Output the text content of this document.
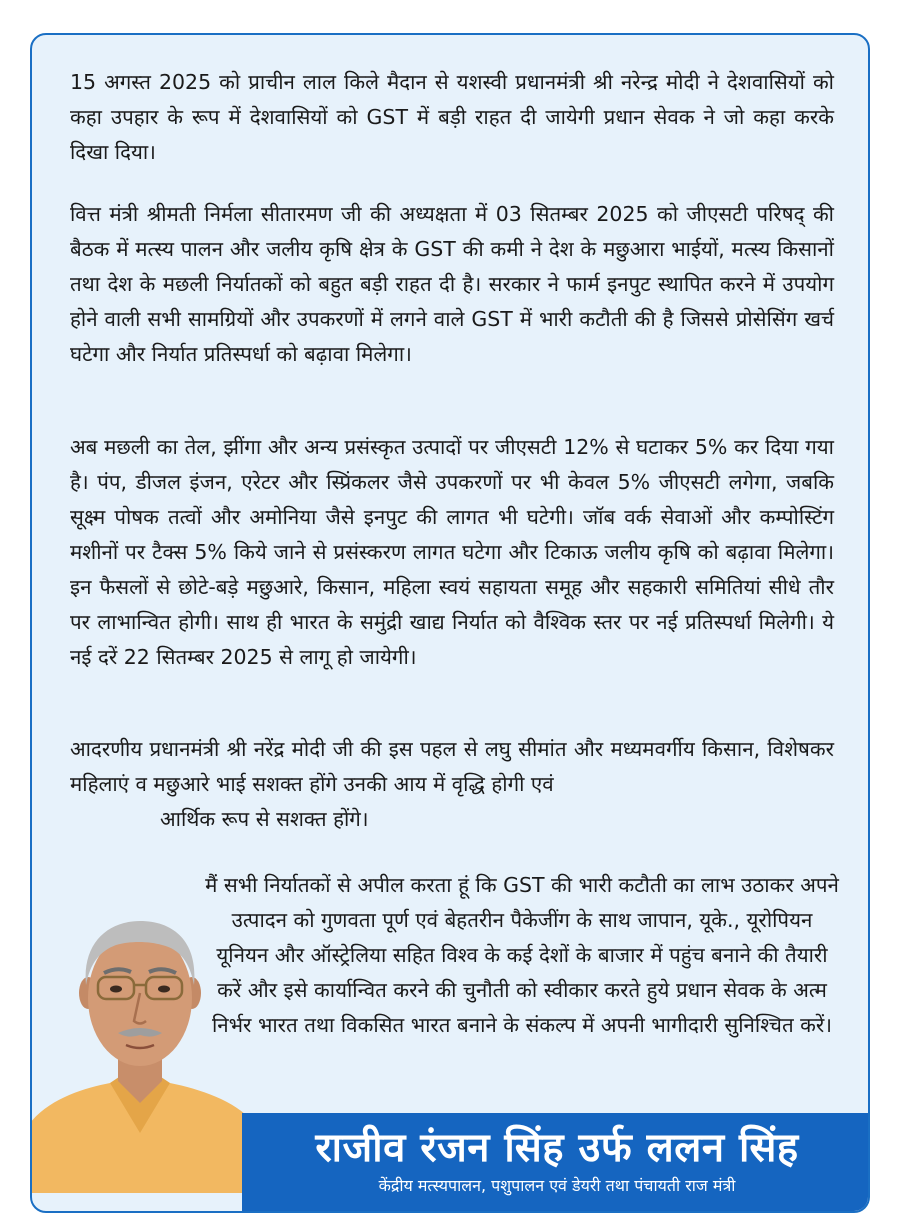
15 अगस्त 2025 को प्राचीन लाल किले मैदान से यशस्वी प्रधानमंत्री श्री नरेन्द्र मोदी ने देशवासियों को कहा उपहार के रूप में देशवासियों को GST में बड़ी राहत दी जायेगी प्रधान सेवक ने जो कहा करके दिखा दिया।

वित्त मंत्री श्रीमती निर्मला सीतारमण जी की अध्यक्षता में 03 सितम्बर 2025 को जीएसटी परिषद् की बैठक में मत्स्य पालन और जलीय कृषि क्षेत्र के GST की कमी ने देश के मछुआरा भाईयों, मत्स्य किसानों तथा देश के मछली निर्यातकों को बहुत बड़ी राहत दी है। सरकार ने फार्म इनपुट स्थापित करने में उपयोग होने वाली सभी सामग्रियों और उपकरणों में लगने वाले GST में भारी कटौती की है जिससे प्रोसेसिंग खर्च घटेगा और निर्यात प्रतिस्पर्धा को बढ़ावा मिलेगा।

अब मछली का तेल, झींगा और अन्य प्रसंस्कृत उत्पादों पर जीएसटी 12% से घटाकर 5% कर दिया गया है। पंप, डीजल इंजन, एरेटर और स्प्रिंकलर जैसे उपकरणों पर भी केवल 5% जीएसटी लगेगा, जबकि सूक्ष्म पोषक तत्वों और अमोनिया जैसे इनपुट की लागत भी घटेगी। जॉब वर्क सेवाओं और कम्पोस्टिंग मशीनों पर टैक्स 5% किये जाने से प्रसंस्करण लागत घटेगा और टिकाऊ जलीय कृषि को बढ़ावा मिलेगा। इन फैसलों से छोटे-बड़े मछुआरे, किसान, महिला स्वयं सहायता समूह और सहकारी समितियां सीधे तौर पर लाभान्वित होगी। साथ ही भारत के समुंद्री खाद्य निर्यात को वैश्विक स्तर पर नई प्रतिस्पर्धा मिलेगी। ये नई दरें 22 सितम्बर 2025 से लागू हो जायेगी।

आदरणीय प्रधानमंत्री श्री नरेंद्र मोदी जी की इस पहल से लघु सीमांत और मध्यमवर्गीय किसान, विशेषकर महिलाएं व मछुआरे भाई सशक्त होंगे उनकी आय में वृद्धि होगी एवं
आर्थिक रूप से सशक्त होंगे।

मैं सभी निर्यातकों से अपील करता हूं कि GST की भारी कटौती का लाभ उठाकर अपने उत्पादन को गुणवता पूर्ण एवं बेहतरीन पैकेजींग के साथ जापान, यूके., यूरोपियन यूनियन और ऑस्ट्रेलिया सहित विश्व के कई देशों के बाजार में पहुंच बनाने की तैयारी करें और इसे कार्यान्वित करने की चुनौती को स्वीकार करते हुये प्रधान सेवक के अत्म निर्भर भारत तथा विकसित भारत बनाने के संकल्प में अपनी भागीदारी सुनिश्चित करें।

राजीव रंजन सिंह उर्फ ललन सिंह
केंद्रीय मत्स्यपालन, पशुपालन एवं डेयरी तथा पंचायती राज मंत्री
